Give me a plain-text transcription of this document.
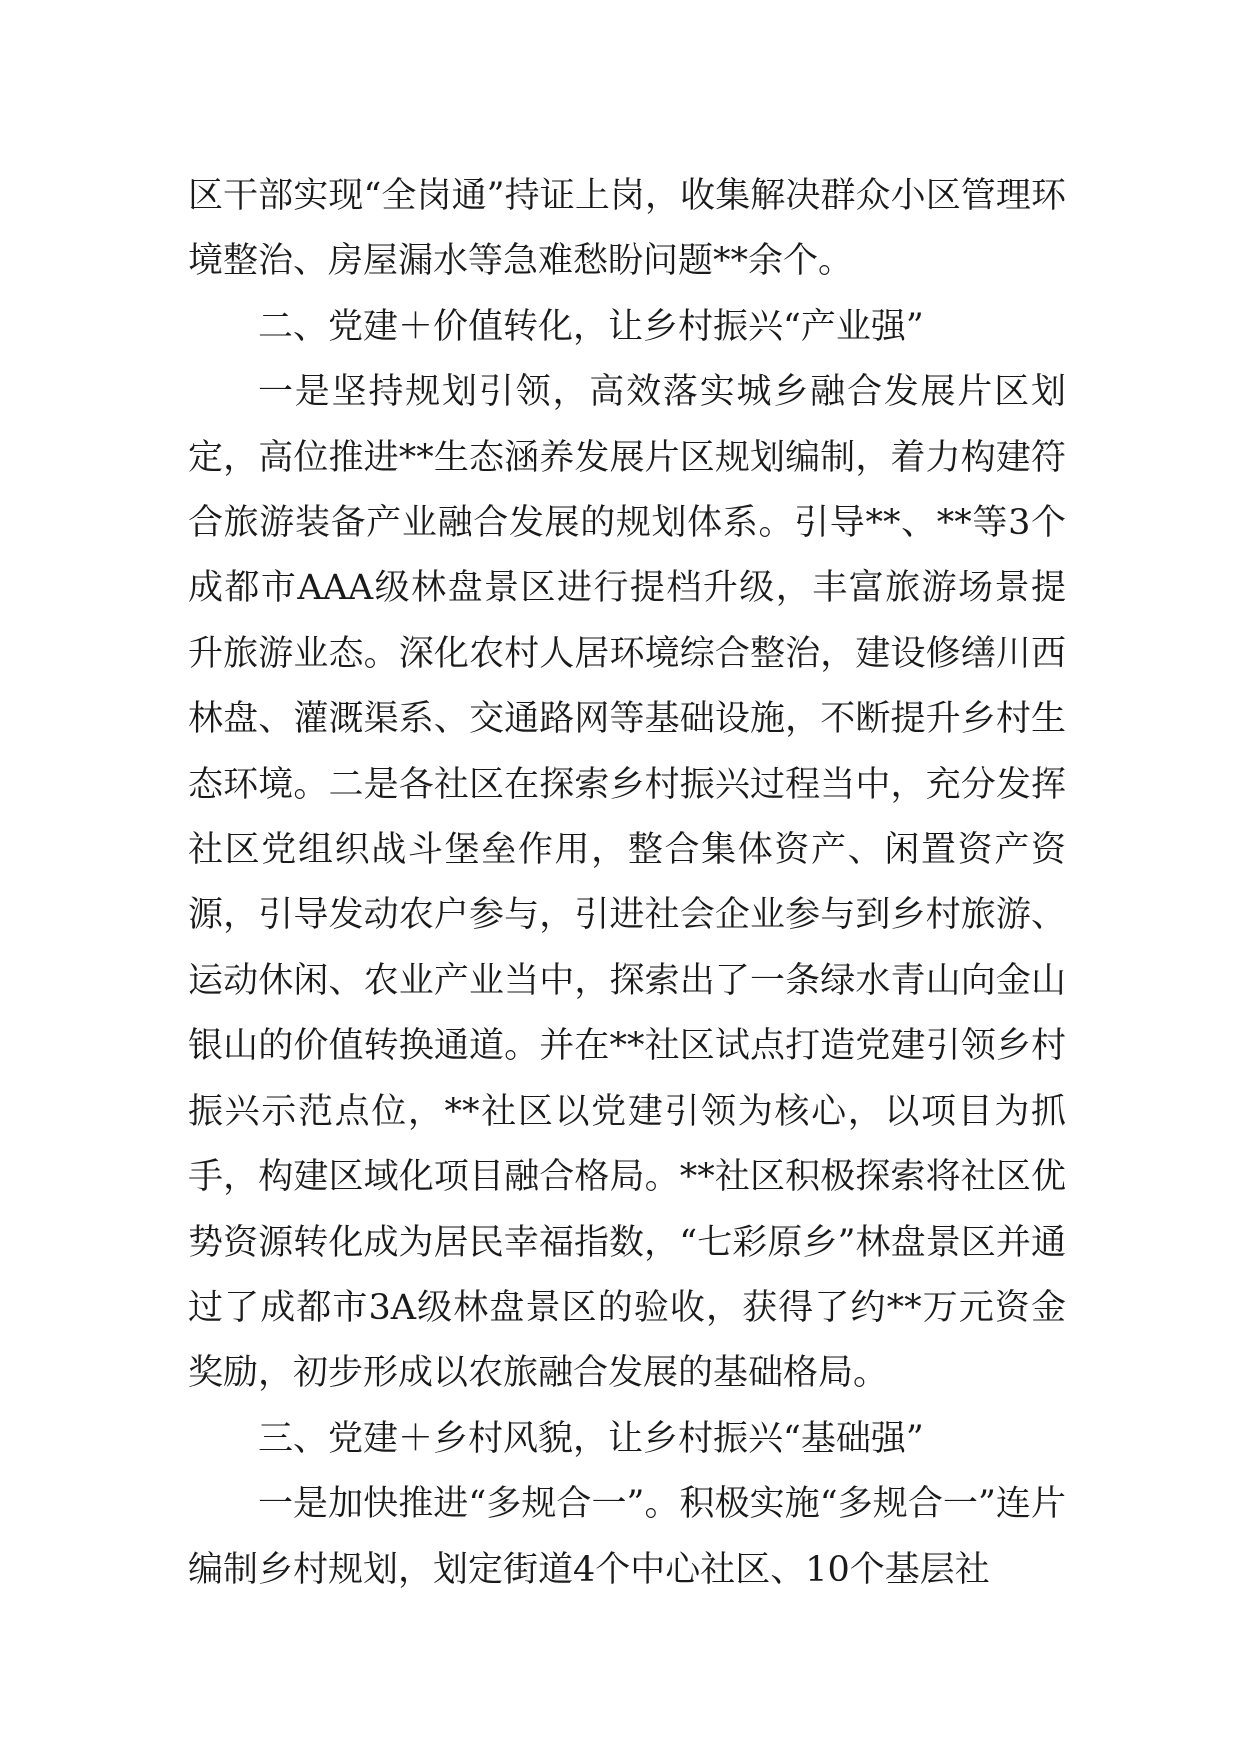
区干部实现“全岗通”持证上岗，收集解决群众小区管理环境整治、房屋漏水等急难愁盼问题**余个。

二、党建＋价值转化，让乡村振兴“产业强”

一是坚持规划引领，高效落实城乡融合发展片区划定，高位推进**生态涵养发展片区规划编制，着力构建符合旅游装备产业融合发展的规划体系。引导**、**等3个成都市AAA级林盘景区进行提档升级，丰富旅游场景提升旅游业态。深化农村人居环境综合整治，建设修缮川西林盘、灌溉渠系、交通路网等基础设施，不断提升乡村生态环境。二是各社区在探索乡村振兴过程当中，充分发挥社区党组织战斗堡垒作用，整合集体资产、闲置资产资源，引导发动农户参与，引进社会企业参与到乡村旅游、运动休闲、农业产业当中，探索出了一条绿水青山向金山银山的价值转换通道。并在**社区试点打造党建引领乡村振兴示范点位，**社区以党建引领为核心，以项目为抓手，构建区域化项目融合格局。**社区积极探索将社区优势资源转化成为居民幸福指数，“七彩原乡”林盘景区并通过了成都市3A级林盘景区的验收，获得了约**万元资金奖励，初步形成以农旅融合发展的基础格局。

三、党建＋乡村风貌，让乡村振兴“基础强”

一是加快推进“多规合一”。积极实施“多规合一”连片编制乡村规划，划定街道4个中心社区、10个基层社
